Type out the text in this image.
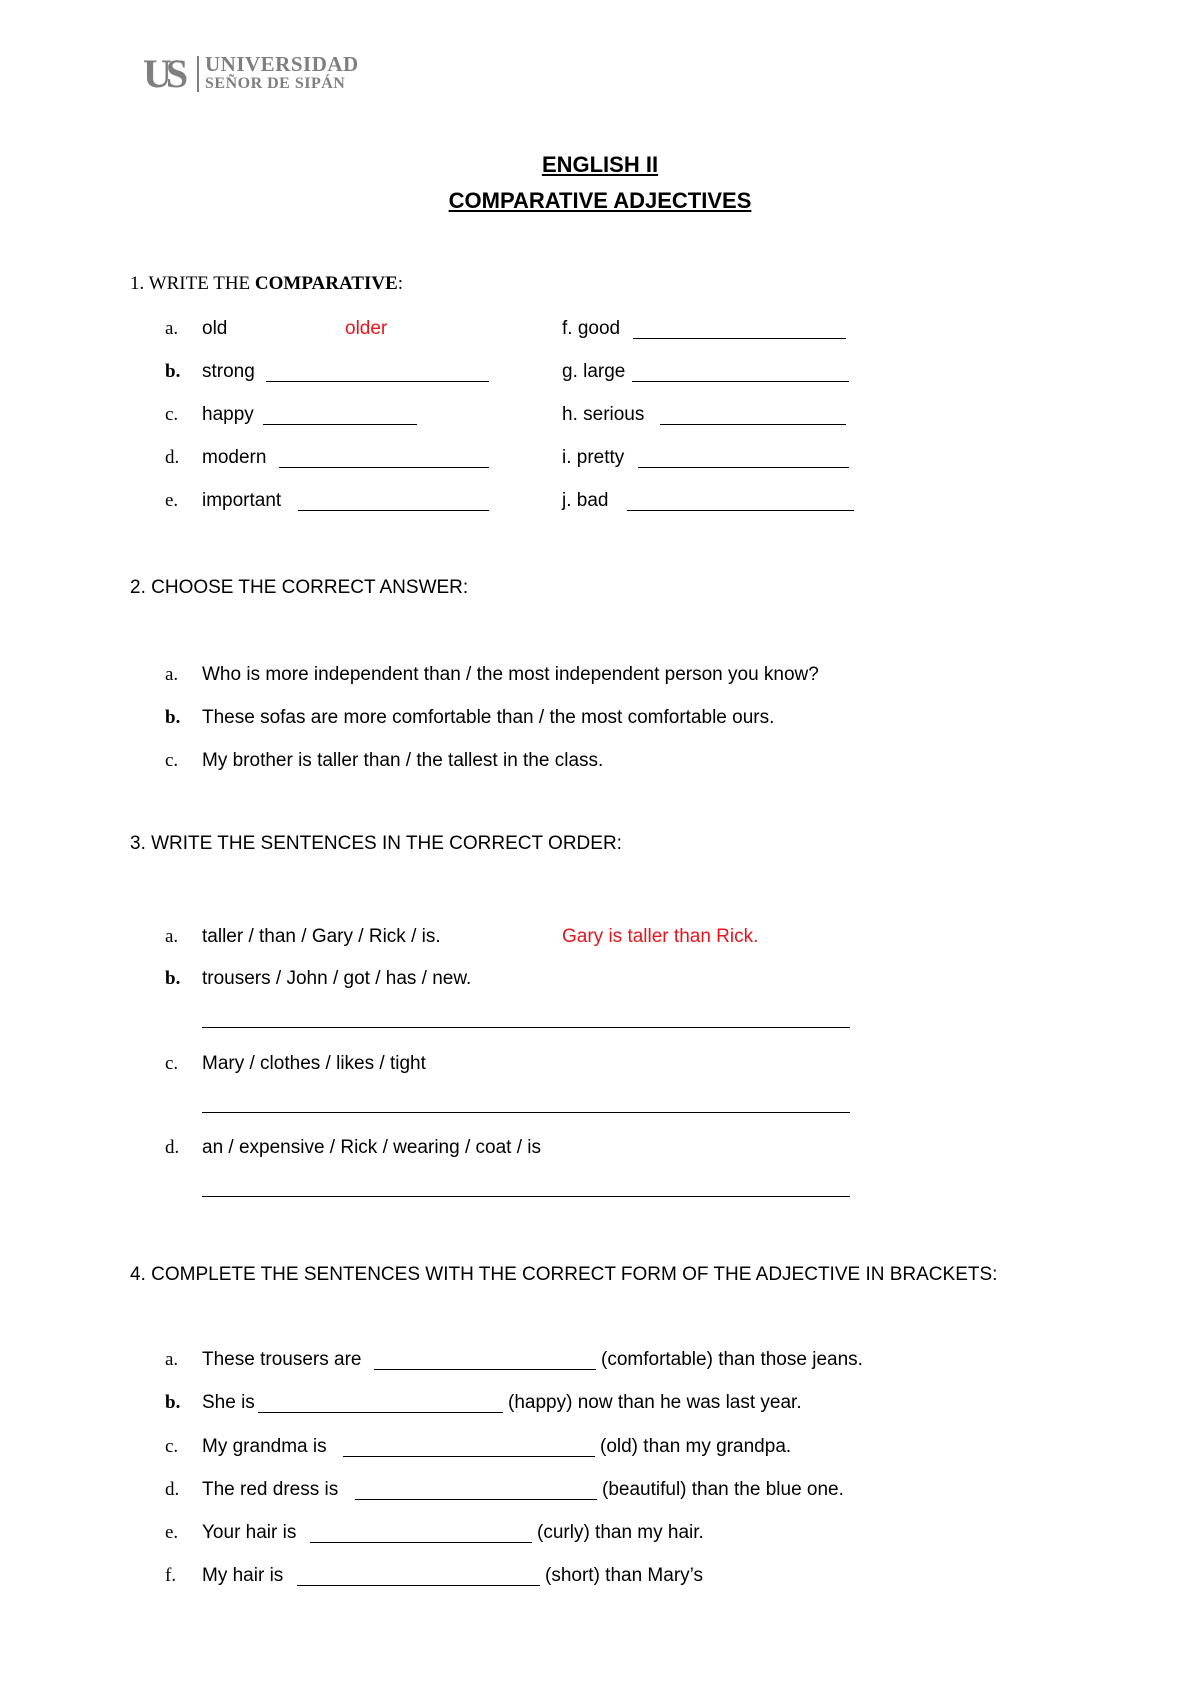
US UNIVERSIDAD
SEÑOR DE SIPÁN
ENGLISH II
COMPARATIVE ADJECTIVES
1. WRITE THE COMPARATIVE:
a. old	older
b. strong
c. happy
d. modern
e. important
f. good
g. large
h. serious
i. pretty
j. bad
2. CHOOSE THE CORRECT ANSWER:
a. Who is more independent than / the most independent person you know?
b. These sofas are more comfortable than / the most comfortable ours.
c. My brother is taller than / the tallest in the class.
3. WRITE THE SENTENCES IN THE CORRECT ORDER:
a. taller / than / Gary / Rick / is.	Gary is taller than Rick.
b. trousers / John / got / has / new.
c. Mary / clothes / likes / tight
d. an / expensive / Rick / wearing / coat / is
4. COMPLETE THE SENTENCES WITH THE CORRECT FORM OF THE ADJECTIVE IN BRACKETS:
a. These trousers are	(comfortable) than those jeans.
b. She is	(happy) now than he was last year.
c. My grandma is	(old) than my grandpa.
d. The red dress is	(beautiful) than the blue one.
e. Your hair is	(curly) than my hair.
f. My hair is	(short) than Mary’s
